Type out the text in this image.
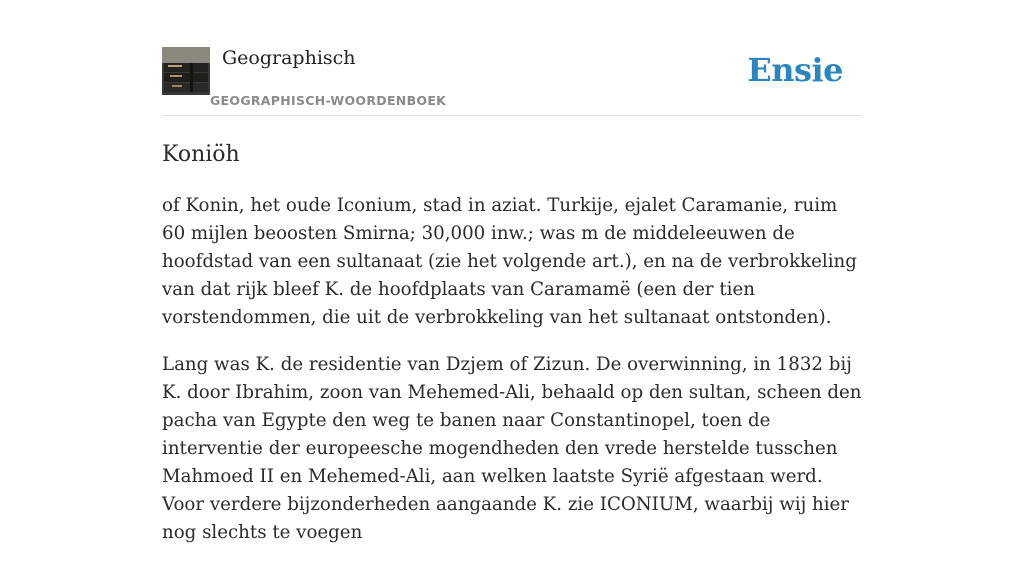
Geographisch
GEOGRAPHISCH-WOORDENBOEK
Ensie
Koniöh

of Konin, het oude Iconium, stad in aziat. Turkije, ejalet Caramanie, ruim 60 mijlen beoosten Smirna; 30,000 inw.; was m de middeleeuwen de hoofdstad van een sultanaat (zie het volgende art.), en na de verbrokkeling van dat rijk bleef K. de hoofdplaats van Caramamë (een der tien vorstendommen, die uit de verbrokkeling van het sultanaat ontstonden).

Lang was K. de residentie van Dzjem of Zizun. De overwinning, in 1832 bij K. door Ibrahim, zoon van Mehemed-Ali, behaald op den sultan, scheen den pacha van Egypte den weg te banen naar Constantinopel, toen de interventie der europeesche mogendheden den vrede herstelde tusschen Mahmoed II en Mehemed-Ali, aan welken laatste Syrië afgestaan werd. Voor verdere bijzonderheden aangaande K. zie ICONIUM, waarbij wij hier nog slechts te voegen
